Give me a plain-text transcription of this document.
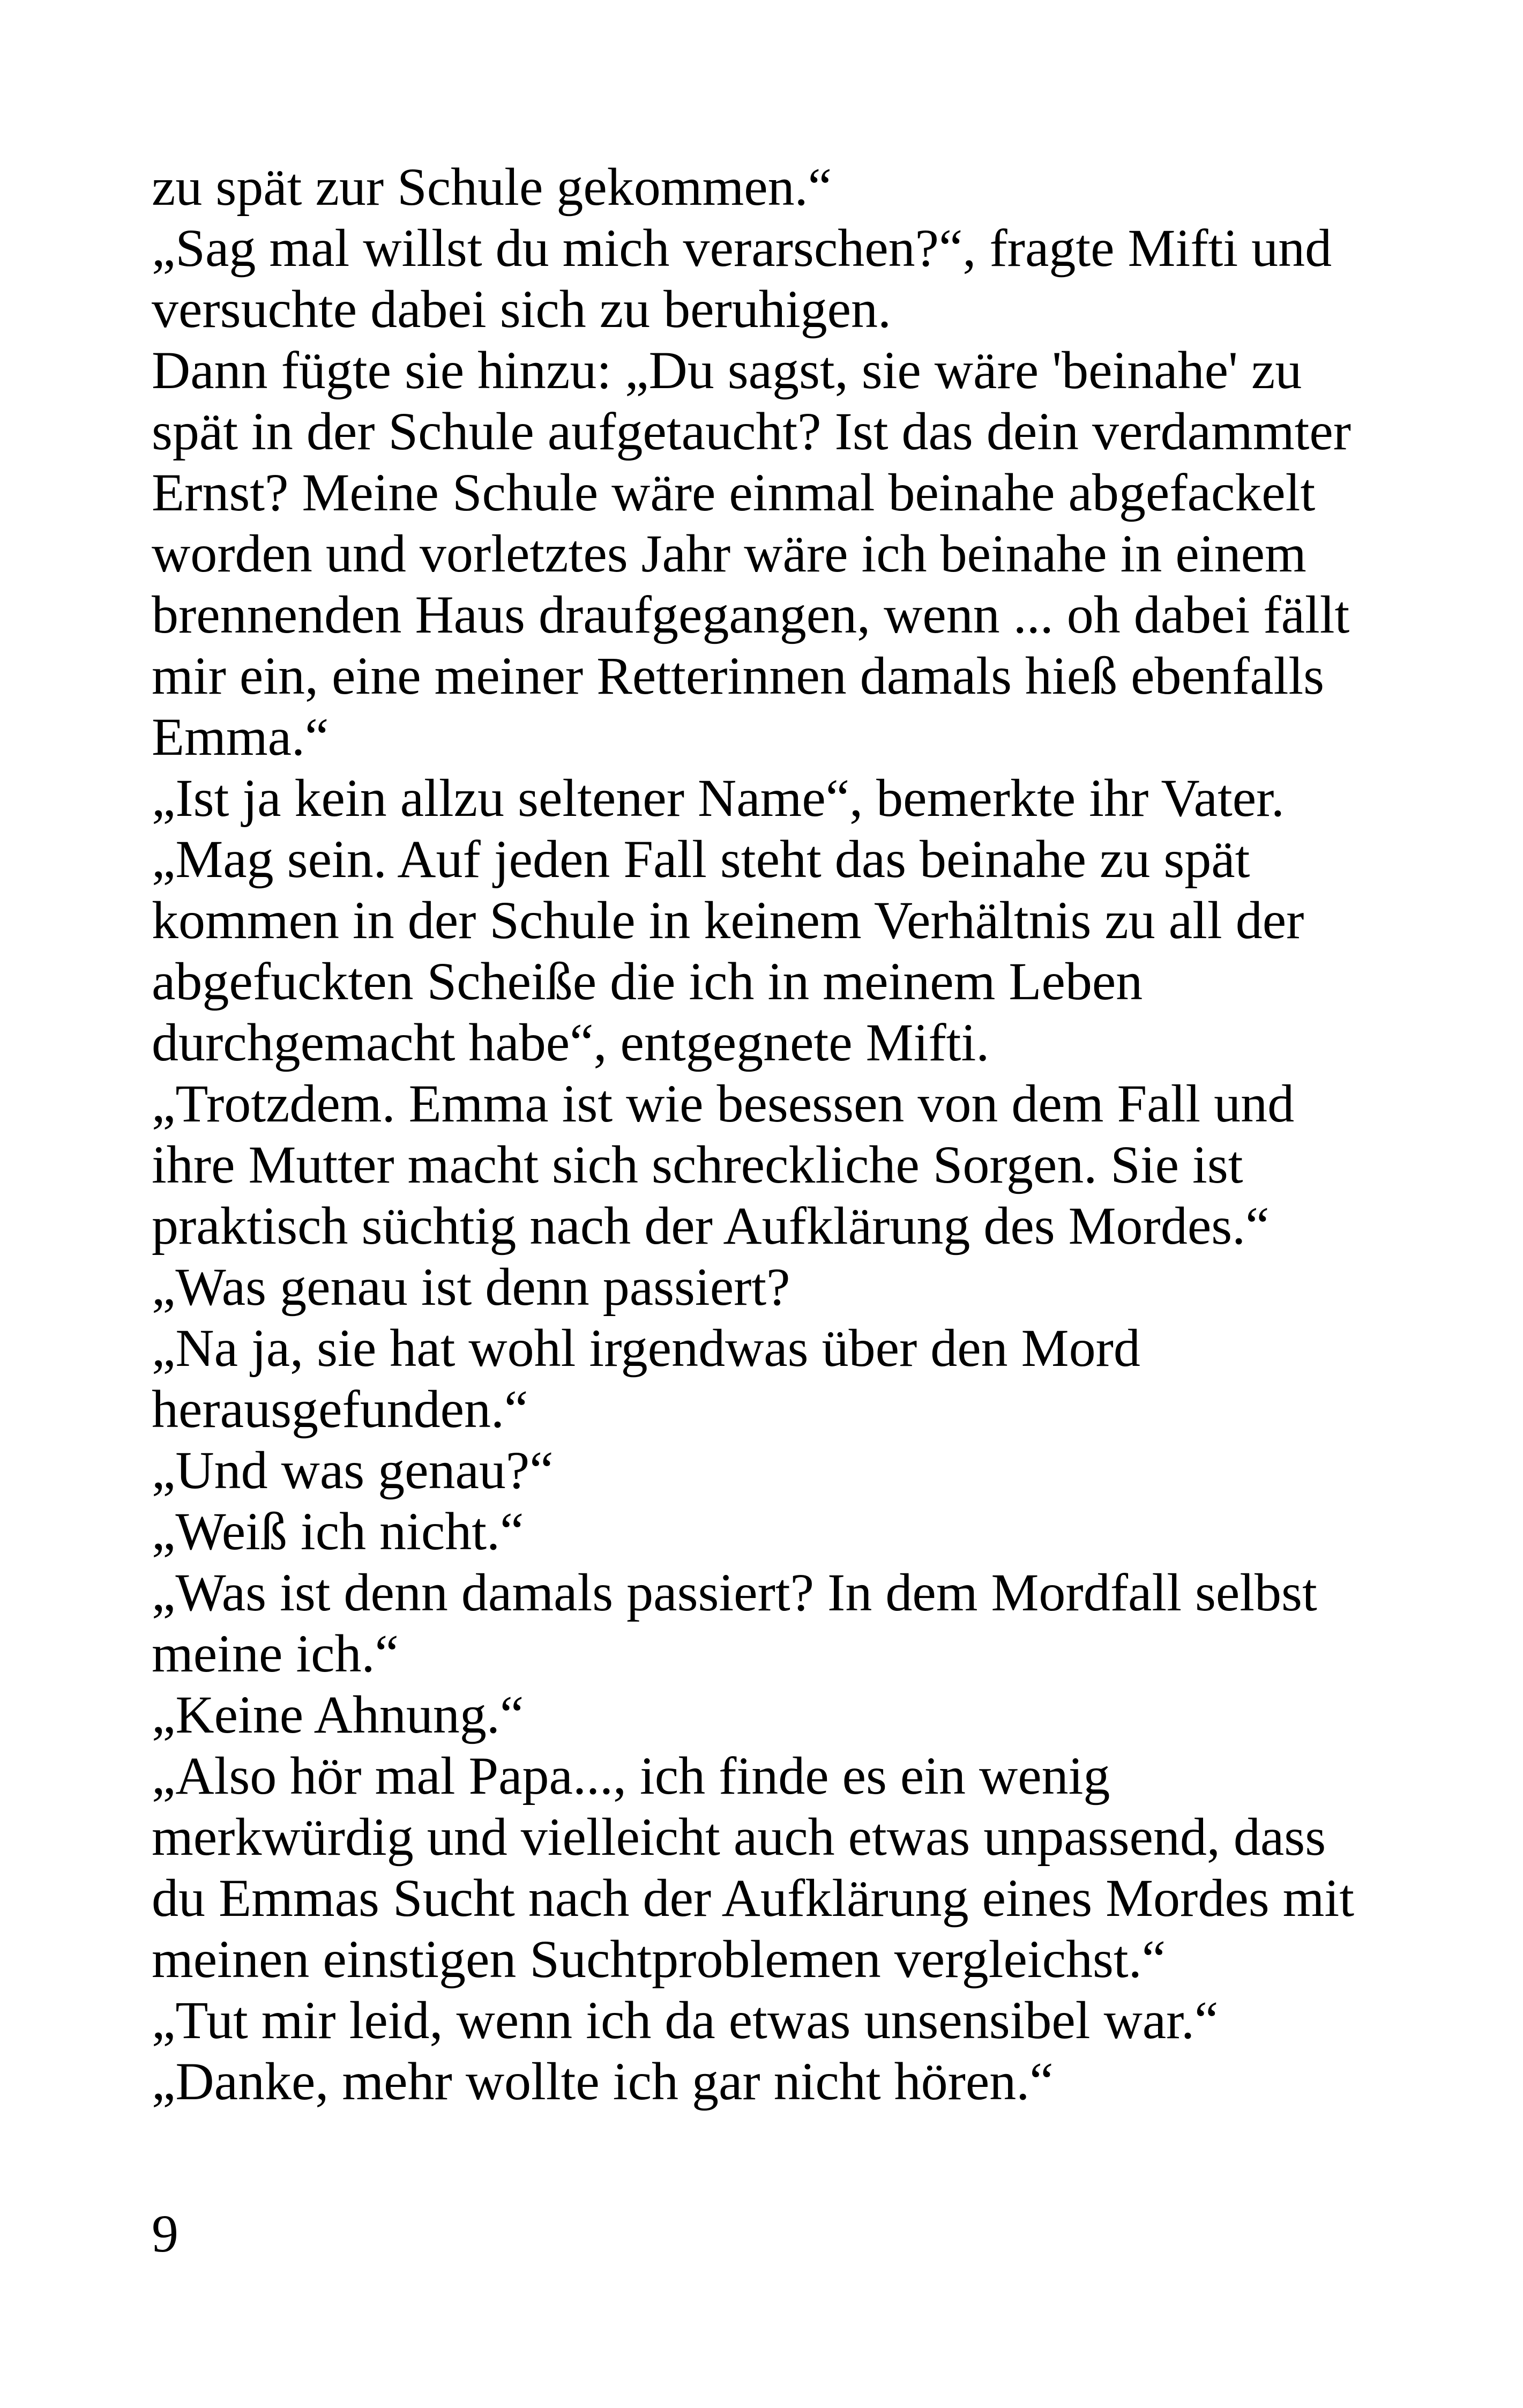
zu spät zur Schule gekommen.“
„Sag mal willst du mich verarschen?“, fragte Mifti und
versuchte dabei sich zu beruhigen.
Dann fügte sie hinzu: „Du sagst, sie wäre 'beinahe' zu
spät in der Schule aufgetaucht? Ist das dein verdammter
Ernst? Meine Schule wäre einmal beinahe abgefackelt
worden und vorletztes Jahr wäre ich beinahe in einem
brennenden Haus draufgegangen, wenn ... oh dabei fällt
mir ein, eine meiner Retterinnen damals hieß ebenfalls
Emma.“
„Ist ja kein allzu seltener Name“, bemerkte ihr Vater.
„Mag sein. Auf jeden Fall steht das beinahe zu spät
kommen in der Schule in keinem Verhältnis zu all der
abgefuckten Scheiße die ich in meinem Leben
durchgemacht habe“, entgegnete Mifti.
„Trotzdem. Emma ist wie besessen von dem Fall und
ihre Mutter macht sich schreckliche Sorgen. Sie ist
praktisch süchtig nach der Aufklärung des Mordes.“
„Was genau ist denn passiert?
„Na ja, sie hat wohl irgendwas über den Mord
herausgefunden.“
„Und was genau?“
„Weiß ich nicht.“
„Was ist denn damals passiert? In dem Mordfall selbst
meine ich.“
„Keine Ahnung.“
„Also hör mal Papa..., ich finde es ein wenig
merkwürdig und vielleicht auch etwas unpassend, dass
du Emmas Sucht nach der Aufklärung eines Mordes mit
meinen einstigen Suchtproblemen vergleichst.“
„Tut mir leid, wenn ich da etwas unsensibel war.“
„Danke, mehr wollte ich gar nicht hören.“
9
